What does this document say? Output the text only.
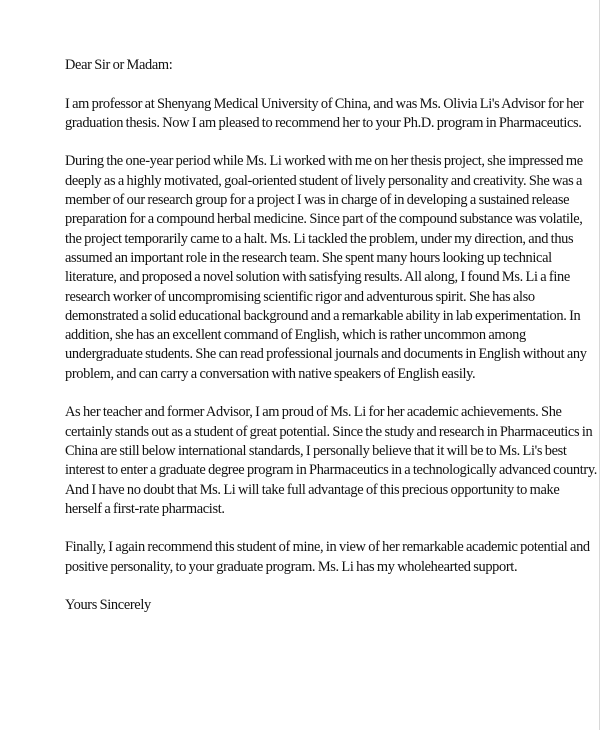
Dear Sir or Madam:

I am professor at Shenyang Medical University of China, and was Ms. Olivia Li's Advisor for her
graduation thesis. Now I am pleased to recommend her to your Ph.D. program in Pharmaceutics.

During the one-year period while Ms. Li worked with me on her thesis project, she impressed me
deeply as a highly motivated, goal-oriented student of lively personality and creativity. She was a
member of our research group for a project I was in charge of in developing a sustained release
preparation for a compound herbal medicine. Since part of the compound substance was volatile,
the project temporarily came to a halt. Ms. Li tackled the problem, under my direction, and thus
assumed an important role in the research team. She spent many hours looking up technical
literature, and proposed a novel solution with satisfying results. All along, I found Ms. Li a fine
research worker of uncompromising scientific rigor and adventurous spirit. She has also
demonstrated a solid educational background and a remarkable ability in lab experimentation. In
addition, she has an excellent command of English, which is rather uncommon among
undergraduate students. She can read professional journals and documents in English without any
problem, and can carry a conversation with native speakers of English easily.

As her teacher and former Advisor, I am proud of Ms. Li for her academic achievements. She
certainly stands out as a student of great potential. Since the study and research in Pharmaceutics in
China are still below international standards, I personally believe that it will be to Ms. Li's best
interest to enter a graduate degree program in Pharmaceutics in a technologically advanced country.
And I have no doubt that Ms. Li will take full advantage of this precious opportunity to make
herself a first-rate pharmacist.

Finally, I again recommend this student of mine, in view of her remarkable academic potential and
positive personality, to your graduate program. Ms. Li has my wholehearted support.

Yours Sincerely
